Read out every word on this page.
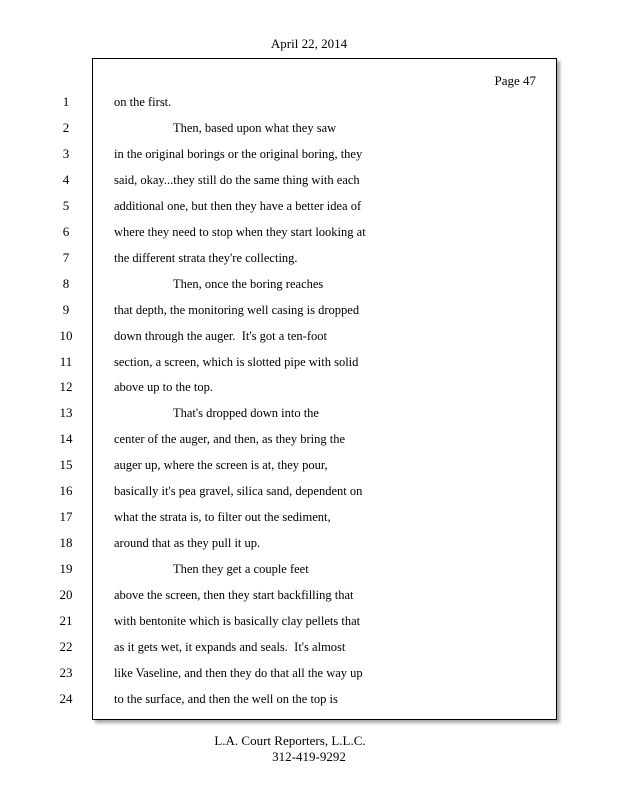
April 22, 2014
Page 47
1	on the first.
2	Then, based upon what they saw
3	in the original borings or the original boring, they
4	said, okay...they still do the same thing with each
5	additional one, but then they have a better idea of
6	where they need to stop when they start looking at
7	the different strata they're collecting.
8	Then, once the boring reaches
9	that depth, the monitoring well casing is dropped
10	down through the auger.  It's got a ten-foot
11	section, a screen, which is slotted pipe with solid
12	above up to the top.
13	That's dropped down into the
14	center of the auger, and then, as they bring the
15	auger up, where the screen is at, they pour,
16	basically it's pea gravel, silica sand, dependent on
17	what the strata is, to filter out the sediment,
18	around that as they pull it up.
19	Then they get a couple feet
20	above the screen, then they start backfilling that
21	with bentonite which is basically clay pellets that
22	as it gets wet, it expands and seals.  It's almost
23	like Vaseline, and then they do that all the way up
24	to the surface, and then the well on the top is
L.A. Court Reporters, L.L.C.
312-419-9292
